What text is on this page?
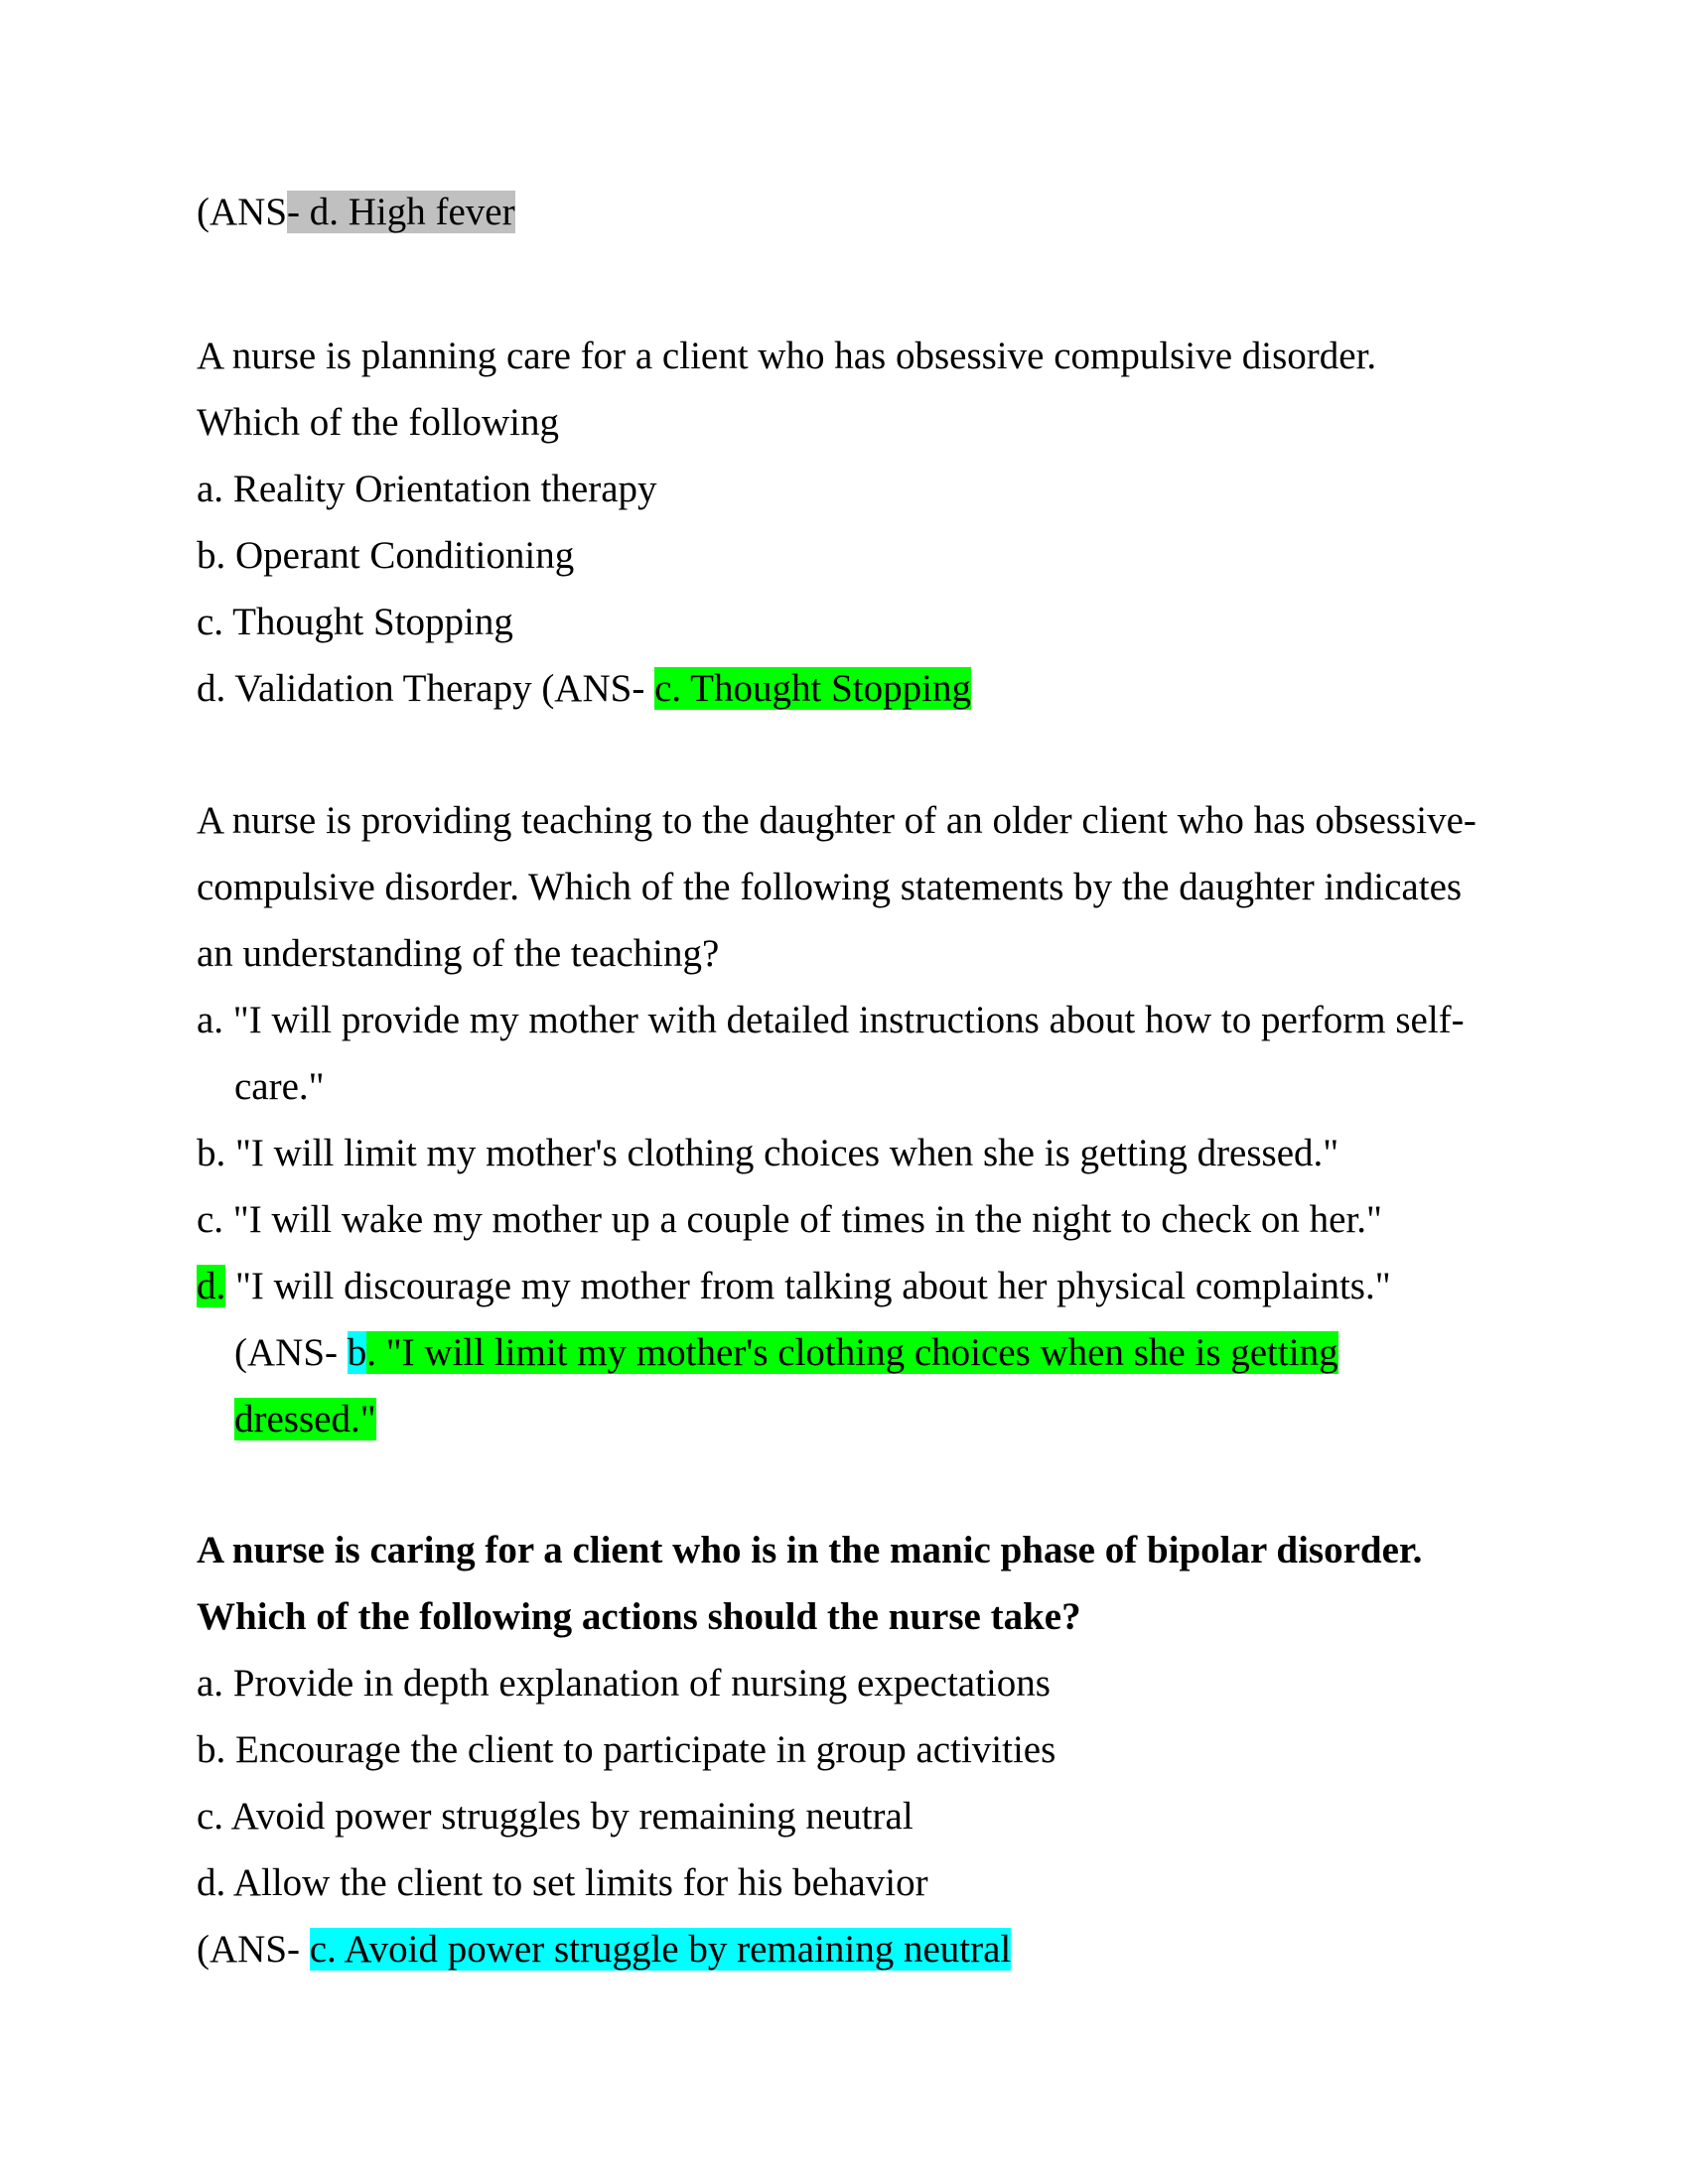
(ANS- d. High fever
A nurse is planning care for a client who has obsessive compulsive disorder.
Which of the following
a. Reality Orientation therapy
b. Operant Conditioning
c. Thought Stopping
d. Validation Therapy (ANS- c. Thought Stopping
A nurse is providing teaching to the daughter of an older client who has obsessive-
compulsive disorder. Which of the following statements by the daughter indicates
an understanding of the teaching?
a. "I will provide my mother with detailed instructions about how to perform self-
care."
b. "I will limit my mother's clothing choices when she is getting dressed."
c. "I will wake my mother up a couple of times in the night to check on her."
d. "I will discourage my mother from talking about her physical complaints."
(ANS- b. "I will limit my mother's clothing choices when she is getting
dressed."
A nurse is caring for a client who is in the manic phase of bipolar disorder.
Which of the following actions should the nurse take?
a. Provide in depth explanation of nursing expectations
b. Encourage the client to participate in group activities
c. Avoid power struggles by remaining neutral
d. Allow the client to set limits for his behavior
(ANS- c. Avoid power struggle by remaining neutral
